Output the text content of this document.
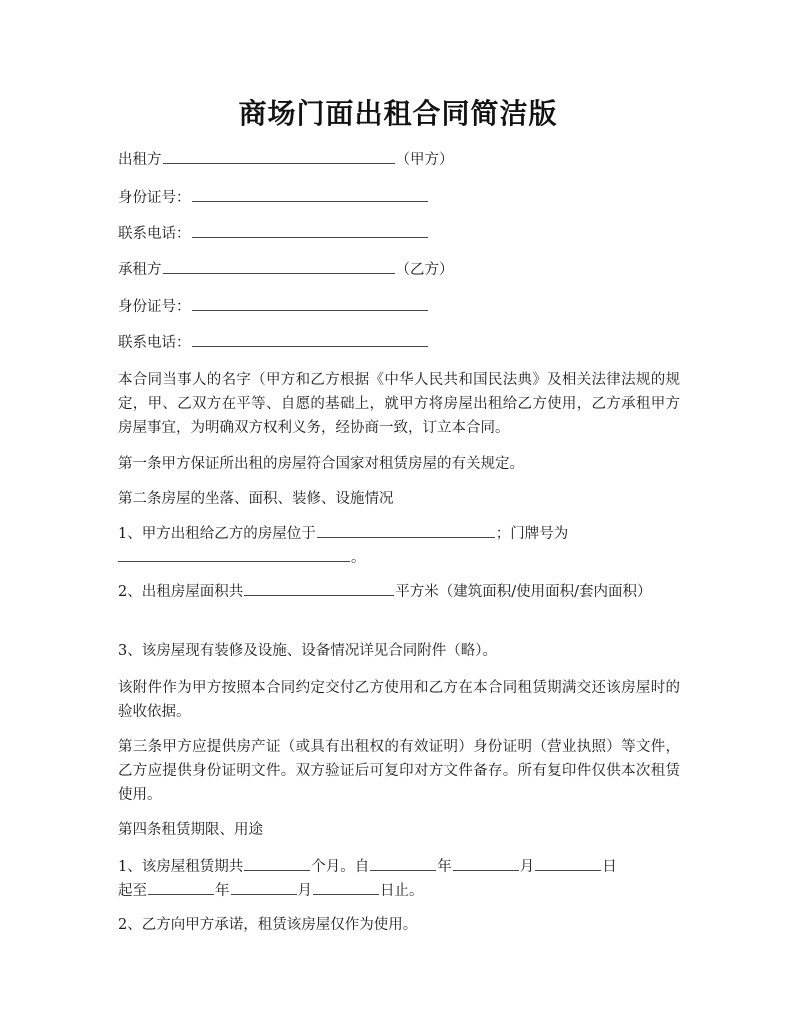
商场门面出租合同简洁版
出租方	（甲方）
身份证号：
联系电话：
承租方	（乙方）
身份证号：
联系电话：
本合同当事人的名字（甲方和乙方根据《中华人民共和国民法典》及相关法律法规的规定，甲、乙双方在平等、自愿的基础上，就甲方将房屋出租给乙方使用，乙方承租甲方房屋事宜，为明确双方权利义务，经协商一致，订立本合同。
第一条甲方保证所出租的房屋符合国家对租赁房屋的有关规定。
第二条房屋的坐落、面积、装修、设施情况
1、甲方出租给乙方的房屋位于	；门牌号为
。
2、出租房屋面积共	平方米（建筑面积/使用面积/套内面积）
3、该房屋现有装修及设施、设备情况详见合同附件（略）。
该附件作为甲方按照本合同约定交付乙方使用和乙方在本合同租赁期满交还该房屋时的验收依据。
第三条甲方应提供房产证（或具有出租权的有效证明）身份证明（营业执照）等文件，乙方应提供身份证明文件。双方验证后可复印对方文件备存。所有复印件仅供本次租赁使用。
第四条租赁期限、用途
1、该房屋租赁期共	个月。自	年	月	日
起至	年	月	日止。
2、乙方向甲方承诺，租赁该房屋仅作为使用。
